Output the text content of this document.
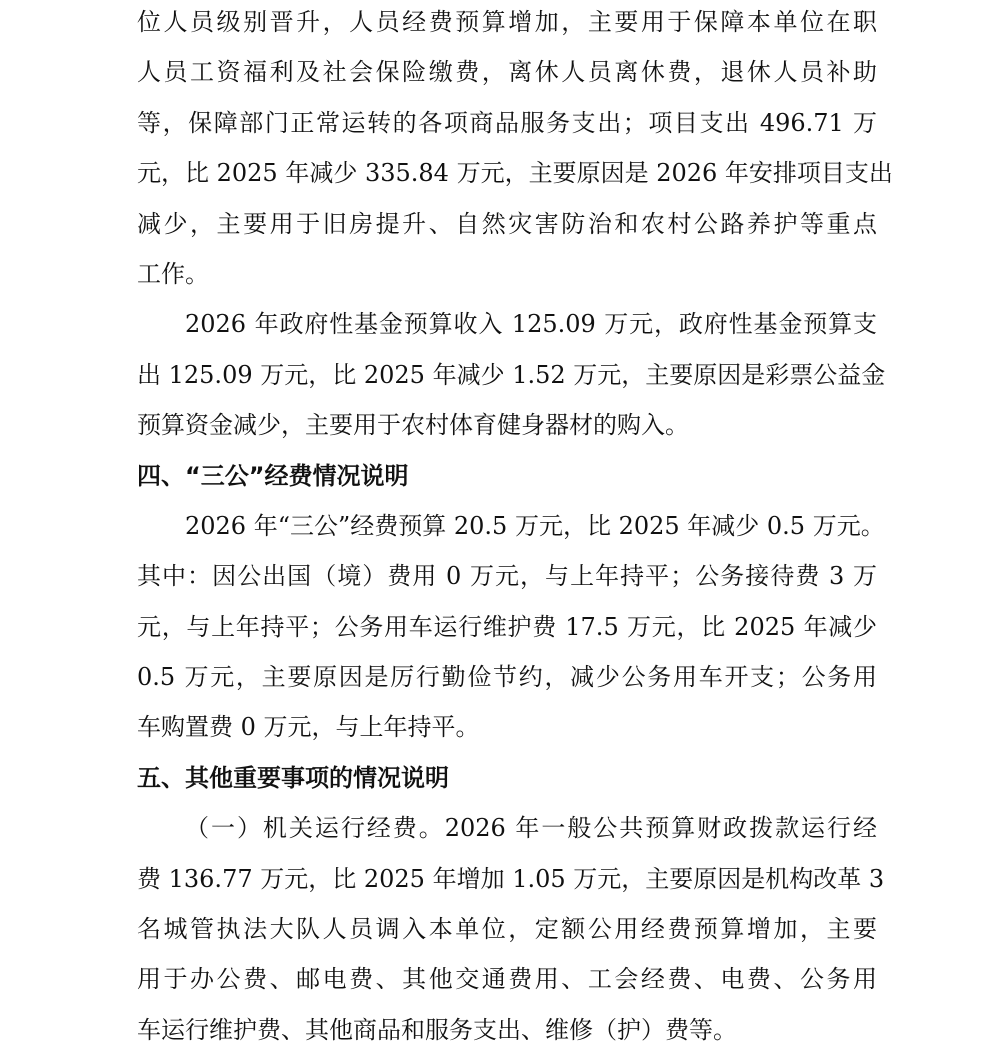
位人员级别晋升，人员经费预算增加，主要用于保障本单位在职
人员工资福利及社会保险缴费，离休人员离休费，退休人员补助
等，保障部门正常运转的各项商品服务支出；项目支出 496.71 万
元，比 2025 年减少 335.84 万元，主要原因是 2026 年安排项目支出
减少，主要用于旧房提升、自然灾害防治和农村公路养护等重点
工作。
2026 年政府性基金预算收入 125.09 万元，政府性基金预算支
出 125.09 万元，比 2025 年减少 1.52 万元，主要原因是彩票公益金
预算资金减少，主要用于农村体育健身器材的购入。
四、“三公”经费情况说明
2026 年“三公”经费预算 20.5 万元，比 2025 年减少 0.5 万元。
其中：因公出国（境）费用 0 万元，与上年持平；公务接待费 3 万
元，与上年持平；公务用车运行维护费 17.5 万元，比 2025 年减少
0.5 万元，主要原因是厉行勤俭节约，减少公务用车开支；公务用
车购置费 0 万元，与上年持平。
五、其他重要事项的情况说明
（一）机关运行经费。2026 年一般公共预算财政拨款运行经
费 136.77 万元，比 2025 年增加 1.05 万元，主要原因是机构改革 3
名城管执法大队人员调入本单位，定额公用经费预算增加，主要
用于办公费、邮电费、其他交通费用、工会经费、电费、公务用
车运行维护费、其他商品和服务支出、维修（护）费等。
